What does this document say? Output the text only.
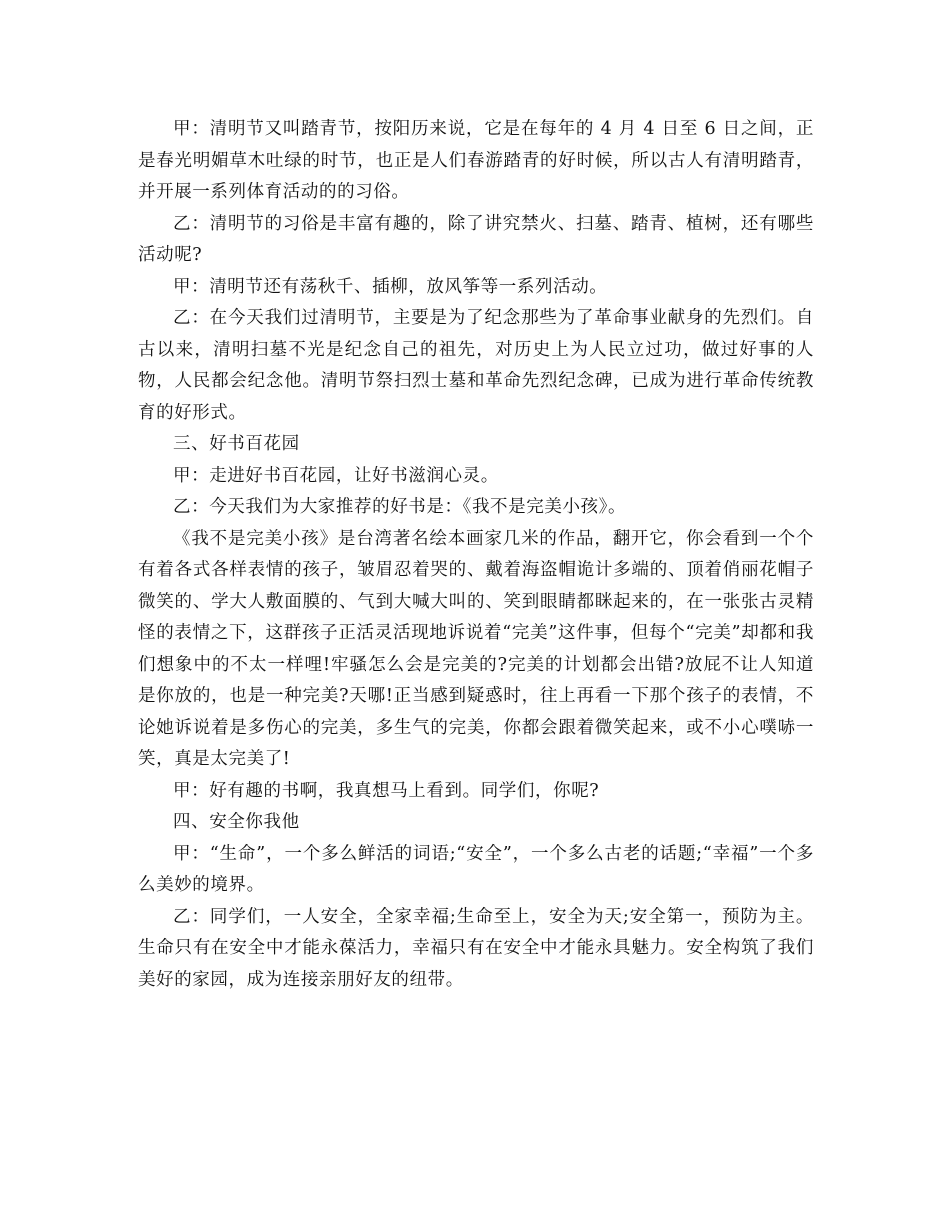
甲：清明节又叫踏青节，按阳历来说，它是在每年的 4 月 4 日至 6 日之间，正是春光明媚草木吐绿的时节，也正是人们春游踏青的好时候，所以古人有清明踏青，并开展一系列体育活动的的习俗。

乙：清明节的习俗是丰富有趣的，除了讲究禁火、扫墓、踏青、植树，还有哪些活动呢?

甲：清明节还有荡秋千、插柳，放风筝等一系列活动。

乙：在今天我们过清明节，主要是为了纪念那些为了革命事业献身的先烈们。自古以来，清明扫墓不光是纪念自己的祖先，对历史上为人民立过功，做过好事的人物，人民都会纪念他。清明节祭扫烈士墓和革命先烈纪念碑，已成为进行革命传统教育的好形式。

三、好书百花园

甲：走进好书百花园，让好书滋润心灵。

乙：今天我们为大家推荐的好书是：《我不是完美小孩》。

《我不是完美小孩》是台湾著名绘本画家几米的作品，翻开它，你会看到一个个有着各式各样表情的孩子，皱眉忍着哭的、戴着海盗帽诡计多端的、顶着俏丽花帽子微笑的、学大人敷面膜的、气到大喊大叫的、笑到眼睛都眯起来的，在一张张古灵精怪的表情之下，这群孩子正活灵活现地诉说着“完美”这件事，但每个“完美”却都和我们想象中的不太一样哩!牢骚怎么会是完美的?完美的计划都会出错?放屁不让人知道是你放的，也是一种完美?天哪!正当感到疑惑时，往上再看一下那个孩子的表情，不论她诉说着是多伤心的完美，多生气的完美，你都会跟着微笑起来，或不小心噗哧一笑，真是太完美了!

甲：好有趣的书啊，我真想马上看到。同学们，你呢?

四、安全你我他

甲：“生命”，一个多么鲜活的词语;“安全”，一个多么古老的话题;“幸福”一个多么美妙的境界。

乙：同学们，一人安全，全家幸福;生命至上，安全为天;安全第一，预防为主。生命只有在安全中才能永葆活力，幸福只有在安全中才能永具魅力。安全构筑了我们美好的家园，成为连接亲朋好友的纽带。
